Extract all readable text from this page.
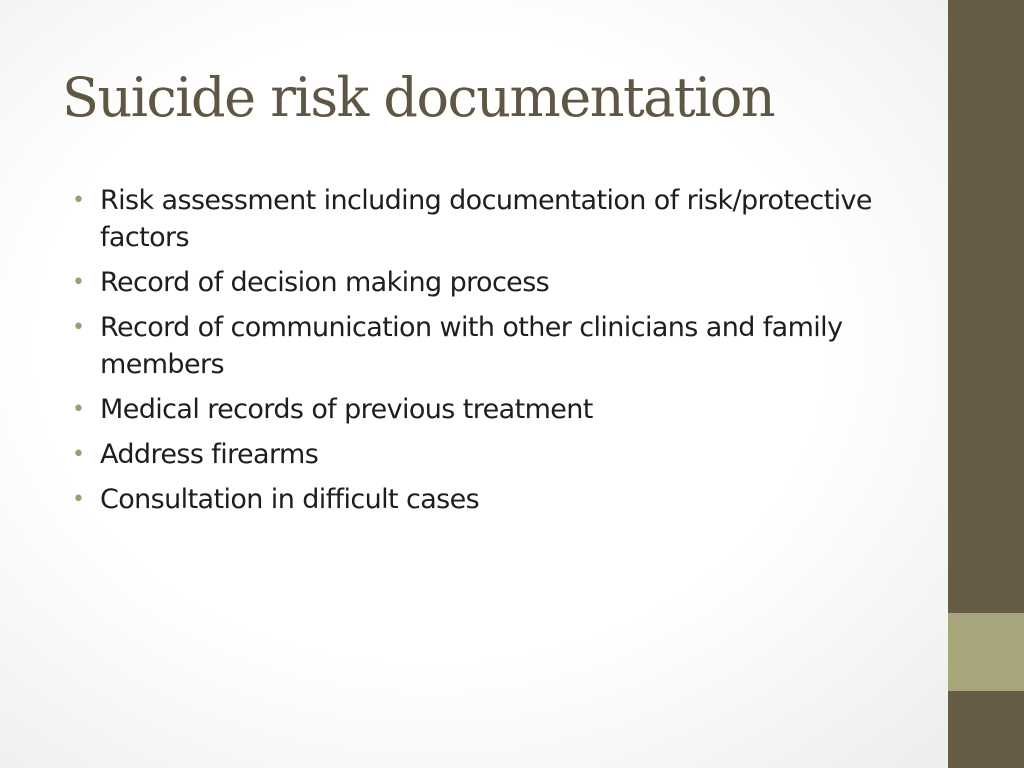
Suicide risk documentation
• Risk assessment including documentation of risk/protective factors
• Record of decision making process
• Record of communication with other clinicians and family members
• Medical records of previous treatment
• Address firearms
• Consultation in difficult cases
